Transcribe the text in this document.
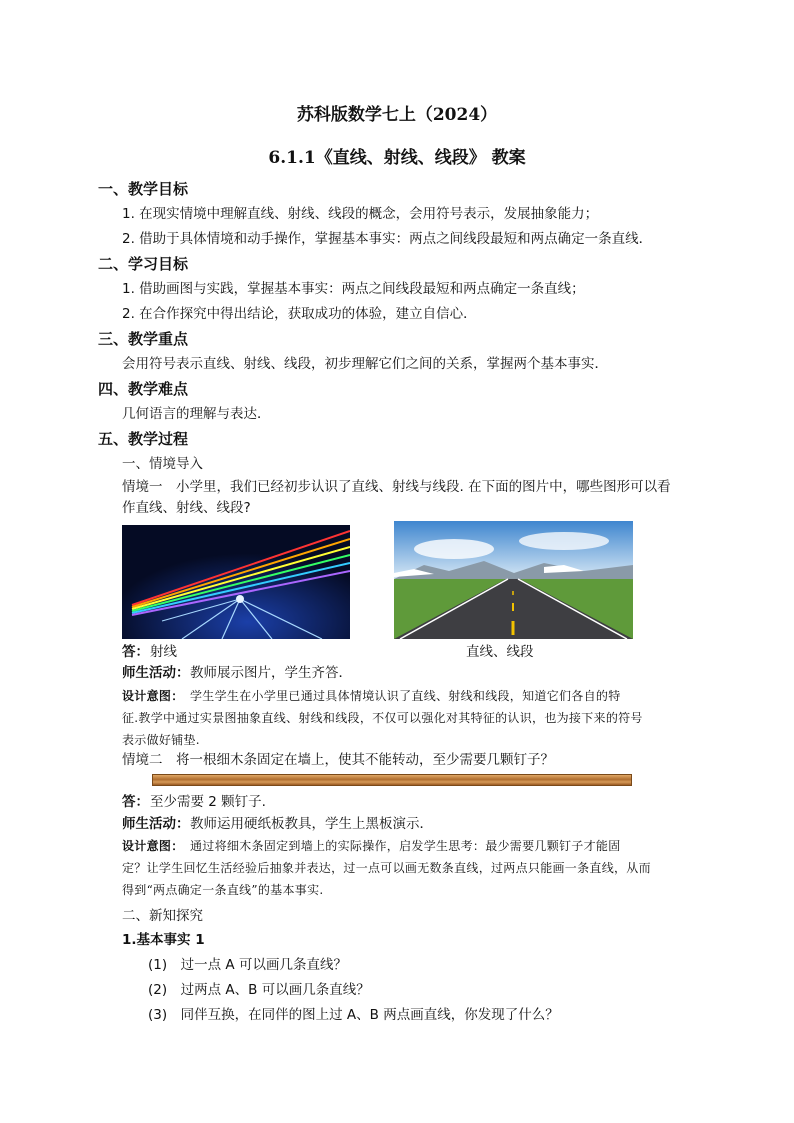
苏科版数学七上（2024）
6.1.1《直线、射线、线段》 教案
一、教学目标
1. 在现实情境中理解直线、射线、线段的概念，会用符号表示，发展抽象能力；
2. 借助于具体情境和动手操作，掌握基本事实：两点之间线段最短和两点确定一条直线．
二、学习目标
1. 借助画图与实践，掌握基本事实：两点之间线段最短和两点确定一条直线；
2. 在合作探究中得出结论，获取成功的体验，建立自信心．
三、教学重点
会用符号表示直线、射线、线段，初步理解它们之间的关系，掌握两个基本事实．
四、教学难点
几何语言的理解与表达．
五、教学过程
一、情境导入
情境一　小学里，我们已经初步认识了直线、射线与线段. 在下面的图片中，哪些图形可以看
作直线、射线、线段?
答： 射线	直线、线段
师生活动： 教师展示图片，学生齐答．
设计意图： 学生学生在小学里已通过具体情境认识了直线、射线和线段，知道它们各自的特
征.教学中通过实景图抽象直线、射线和线段，不仅可以强化对其特征的认识，也为接下来的符号
表示做好铺垫.
情境二　将一根细木条固定在墙上，使其不能转动，至少需要几颗钉子？
答： 至少需要 2 颗钉子.
师生活动： 教师运用硬纸板教具，学生上黑板演示．
设计意图： 通过将细木条固定到墙上的实际操作，启发学生思考：最少需要几颗钉子才能固
定？让学生回忆生活经验后抽象并表达，过一点可以画无数条直线，过两点只能画一条直线，从而
得到“两点确定一条直线”的基本事实.
二、新知探究
1.基本事实 1
(1)　过一点 A 可以画几条直线？
(2)　过两点 A、B 可以画几条直线？
(3)　同伴互换，在同伴的图上过 A、B 两点画直线，你发现了什么？
